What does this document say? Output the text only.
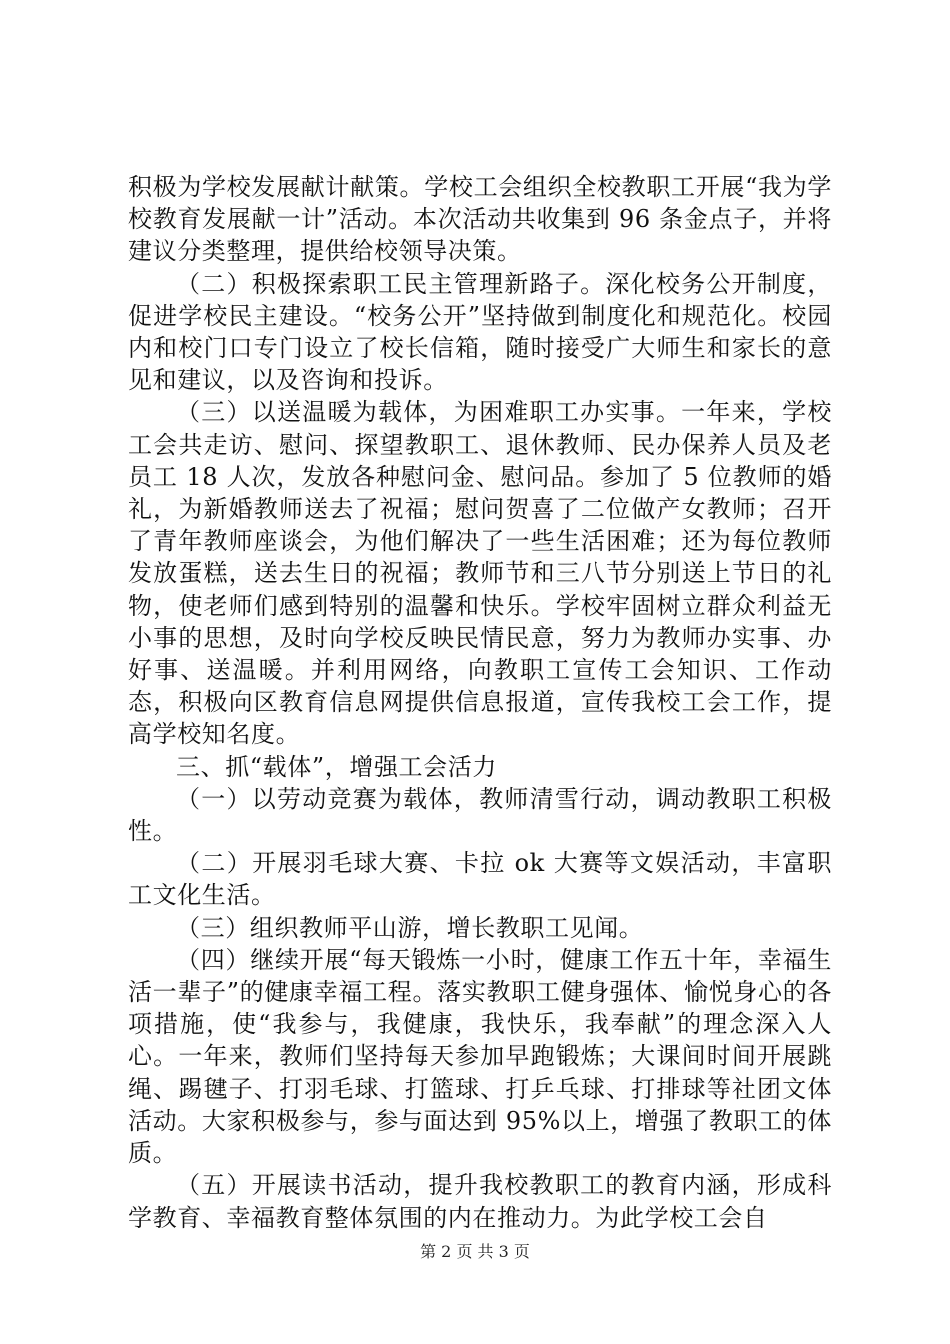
积极为学校发展献计献策。学校工会组织全校教职工开展“我为学校教育发展献一计”活动。本次活动共收集到 96 条金点子，并将建议分类整理，提供给校领导决策。

（二）积极探索职工民主管理新路子。深化校务公开制度，促进学校民主建设。“校务公开”坚持做到制度化和规范化。校园内和校门口专门设立了校长信箱，随时接受广大师生和家长的意见和建议，以及咨询和投诉。

（三）以送温暖为载体，为困难职工办实事。一年来，学校工会共走访、慰问、探望教职工、退休教师、民办保养人员及老员工 18 人次，发放各种慰问金、慰问品。参加了 5 位教师的婚礼，为新婚教师送去了祝福；慰问贺喜了二位做产女教师；召开了青年教师座谈会，为他们解决了一些生活困难；还为每位教师发放蛋糕，送去生日的祝福；教师节和三八节分别送上节日的礼物，使老师们感到特别的温馨和快乐。学校牢固树立群众利益无小事的思想，及时向学校反映民情民意，努力为教师办实事、办好事、送温暖。并利用网络，向教职工宣传工会知识、工作动态，积极向区教育信息网提供信息报道，宣传我校工会工作，提高学校知名度。

三、抓“载体”，增强工会活力

（一）以劳动竞赛为载体，教师清雪行动，调动教职工积极性。

（二）开展羽毛球大赛、卡拉 ok 大赛等文娱活动，丰富职工文化生活。

（三）组织教师平山游，增长教职工见闻。

（四）继续开展“每天锻炼一小时，健康工作五十年，幸福生活一辈子”的健康幸福工程。落实教职工健身强体、愉悦身心的各项措施，使“我参与，我健康，我快乐，我奉献”的理念深入人心。一年来，教师们坚持每天参加早跑锻炼；大课间时间开展跳绳、踢毽子、打羽毛球、打篮球、打乒乓球、打排球等社团文体活动。大家积极参与，参与面达到 95%以上，增强了教职工的体质。

（五）开展读书活动，提升我校教职工的教育内涵，形成科学教育、幸福教育整体氛围的内在推动力。为此学校工会自

第 2 页 共 3 页
